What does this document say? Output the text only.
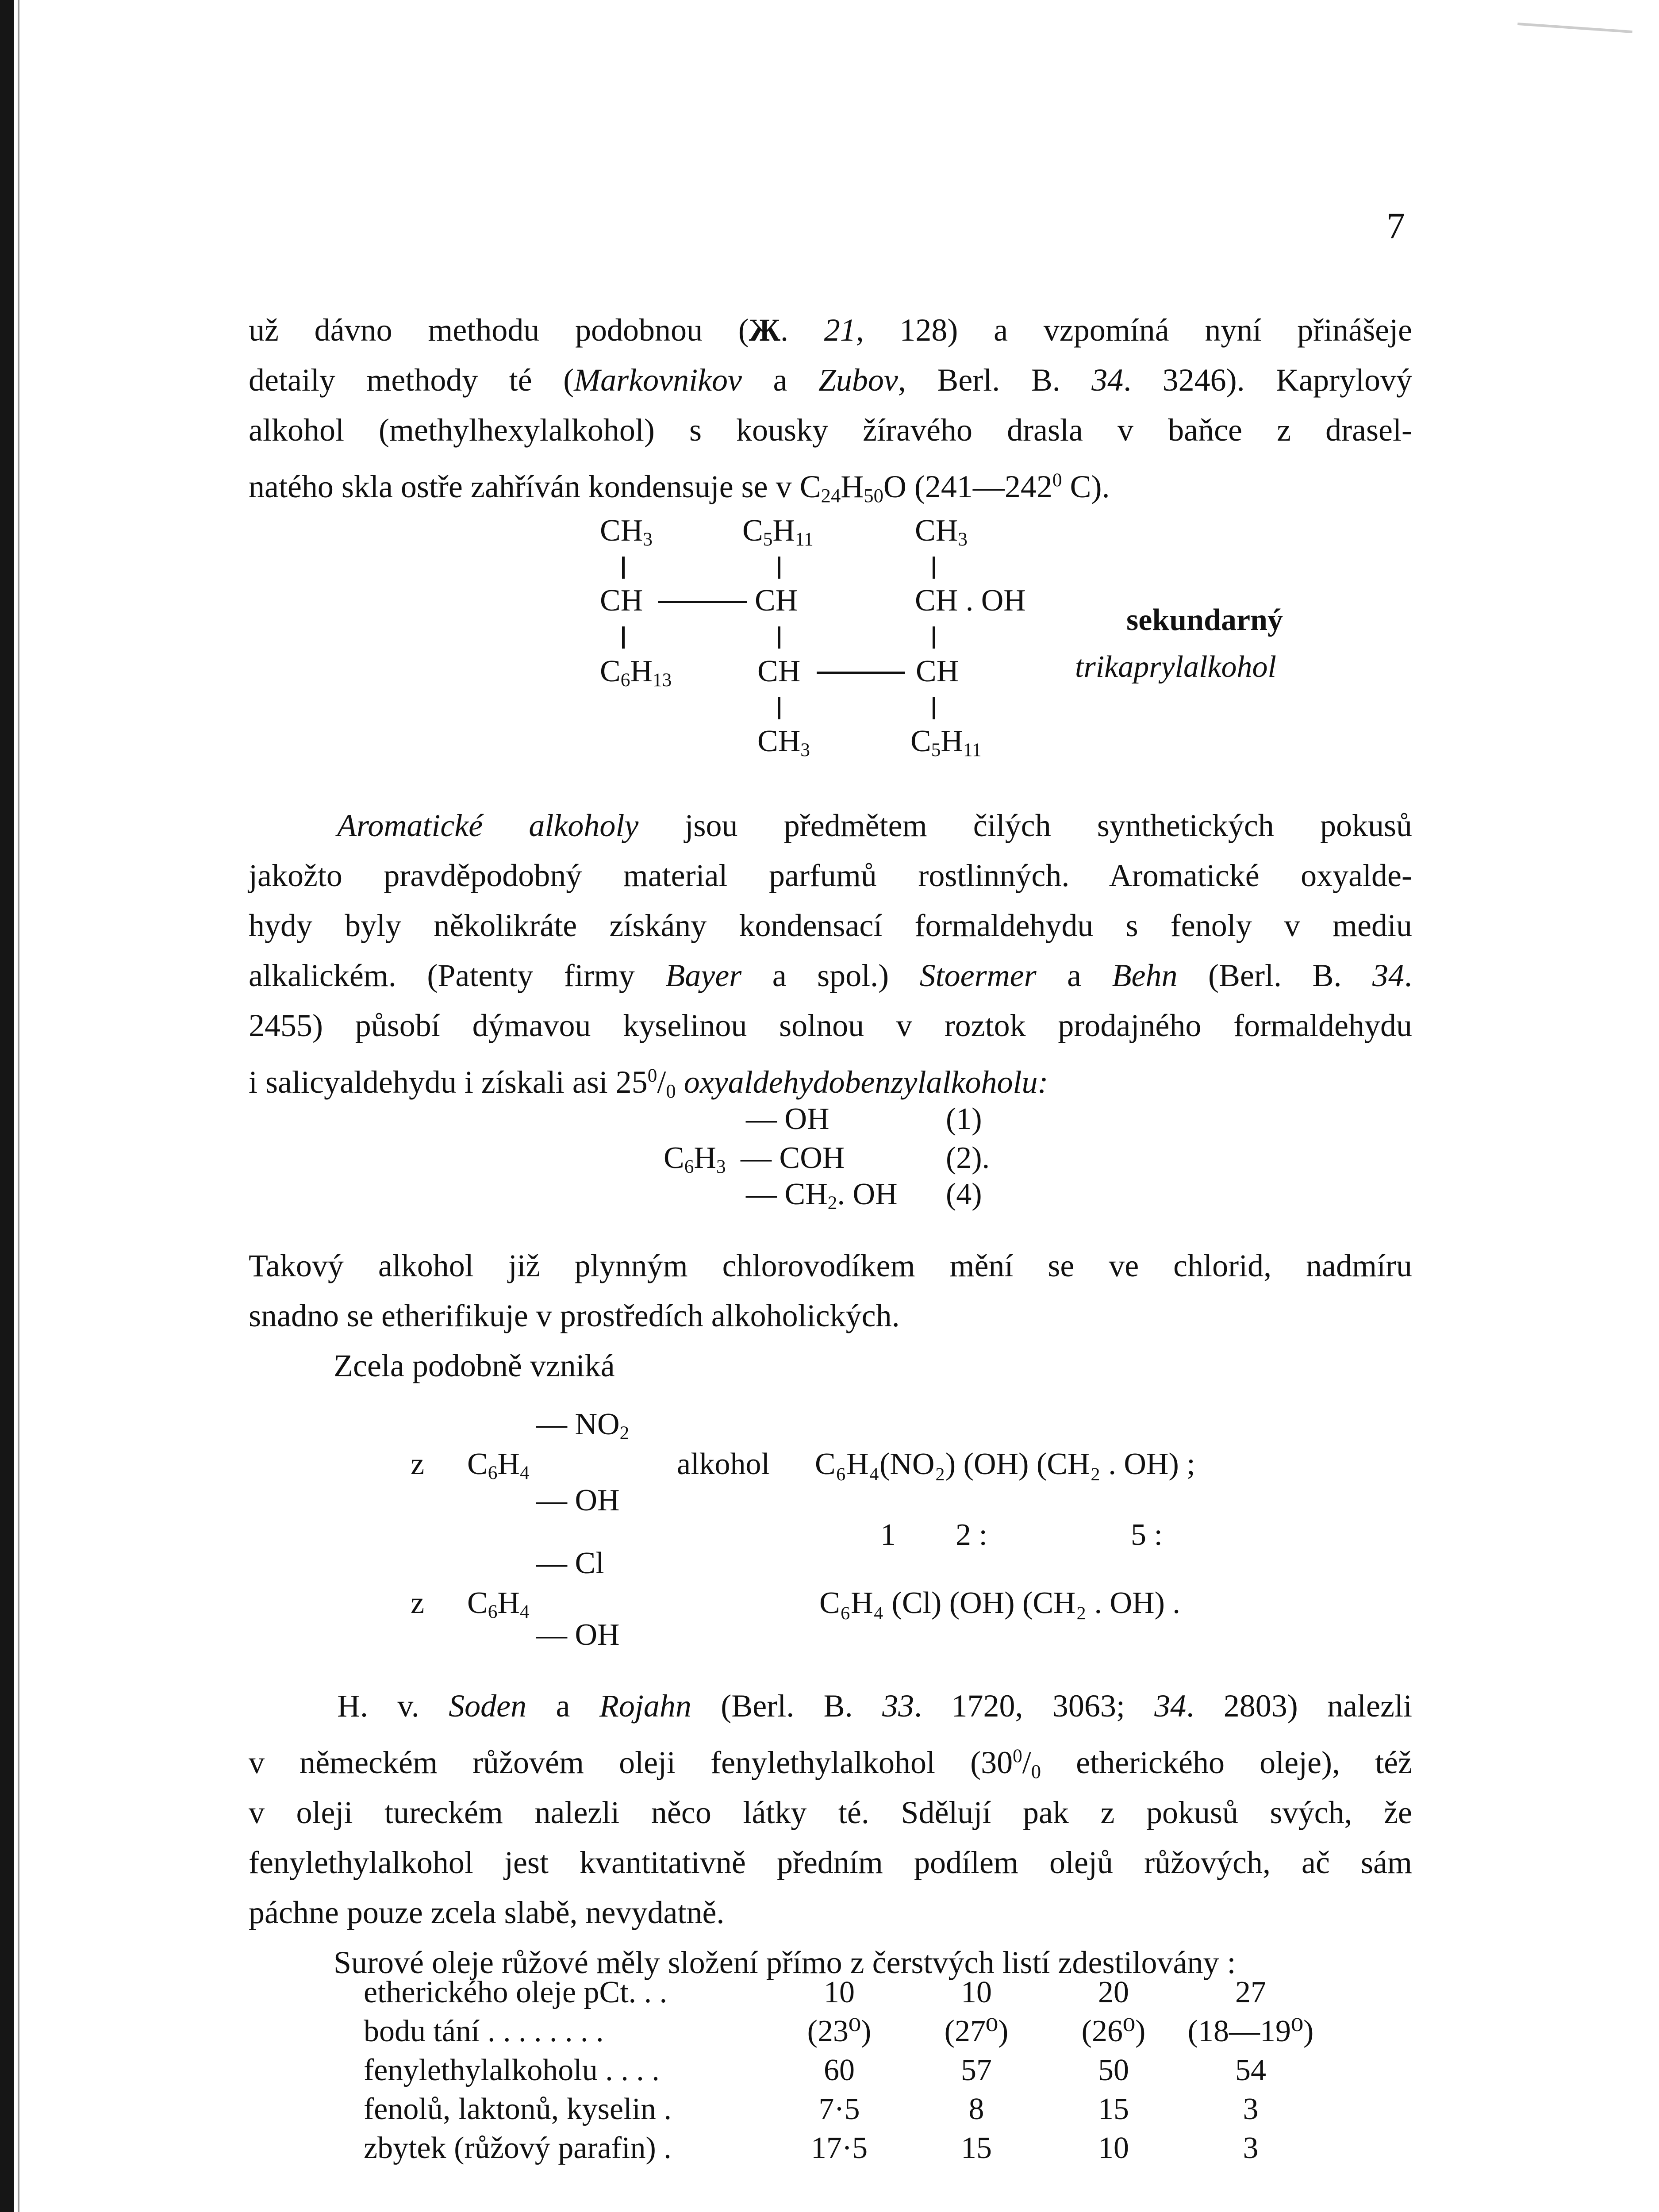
7
už dávno methodu podobnou (Ж. 21, 128) a vzpomíná nyní přinášeje
detaily methody té (Markovnikov a Zubov, Berl. B. 34. 3246). Kaprylový
alkohol (methylhexylalkohol) s kousky žíravého drasla v baňce z drasel-
natého skla ostře zahříván kondensuje se v $C_{24}H_{50}O$ ($241—242^0$ C).
$CH_3$	$C_5H_{11}$	$CH_3$
CH	CH	CH . OH
$C_6H_{13}$	CH	CH
$CH_3$	$C_5H_{11}$
sekundarný
trikaprylalkohol
Aromatické alkoholy jsou předmětem čilých synthetických pokusů
jakožto pravděpodobný material parfumů rostlinných. Aromatické oxyalde-
hydy byly několikráte získány kondensací formaldehydu s fenoly v mediu
alkalickém. (Patenty firmy Bayer a spol.) Stoermer a Behn (Berl. B. 34.
2455) působí dýmavou kyselinou solnou v roztok prodajného formaldehydu
i salicyaldehydu i získali asi $25^0/_0$ oxyaldehydobenzylalkoholu:
— OH	(1)
$C_6H_3$ — COH	(2).
— $CH_2$. OH (4)
Takový alkohol již plynným chlorovodíkem mění se ve chlorid, nadmíru
snadno se etherifikuje v prostředích alkoholických.
Zcela podobně vzniká
— $NO_2$
z $C_6H_4$	alkohol C₆H₄(NO₂) (OH) (CH₂ . OH) ;
— OH
1 2 :	5 :
— Cl
z $C_6H_4$	C₆H₄ (Cl) (OH) (CH₂ . OH) .
— OH
H. v. Soden a Rojahn (Berl. B. 33. 1720, 3063; 34. 2803) nalezli
v německém růžovém oleji fenylethylalkohol ($30^0/_0$ etherického oleje), též
v oleji tureckém nalezli něco látky té. Sdělují pak z pokusů svých, že
fenylethylalkohol jest kvantitativně předním podílem olejů růžových, ač sám
páchne pouze zcela slabě, nevydatně.
Surové oleje růžové měly složení přímo z čerstvých listí zdestilovány :
etherického oleje pCt. . .	10	10	20	27
bodu tání . . . . . . . .	(23⁰)	(27⁰)	(26⁰)	(18—19⁰)
fenylethylalkoholu . . . .	60	57	50	54
fenolů, laktonů, kyselin .	7·5	8	15	3
zbytek (růžový parafin) .	17·5	15	10	3
